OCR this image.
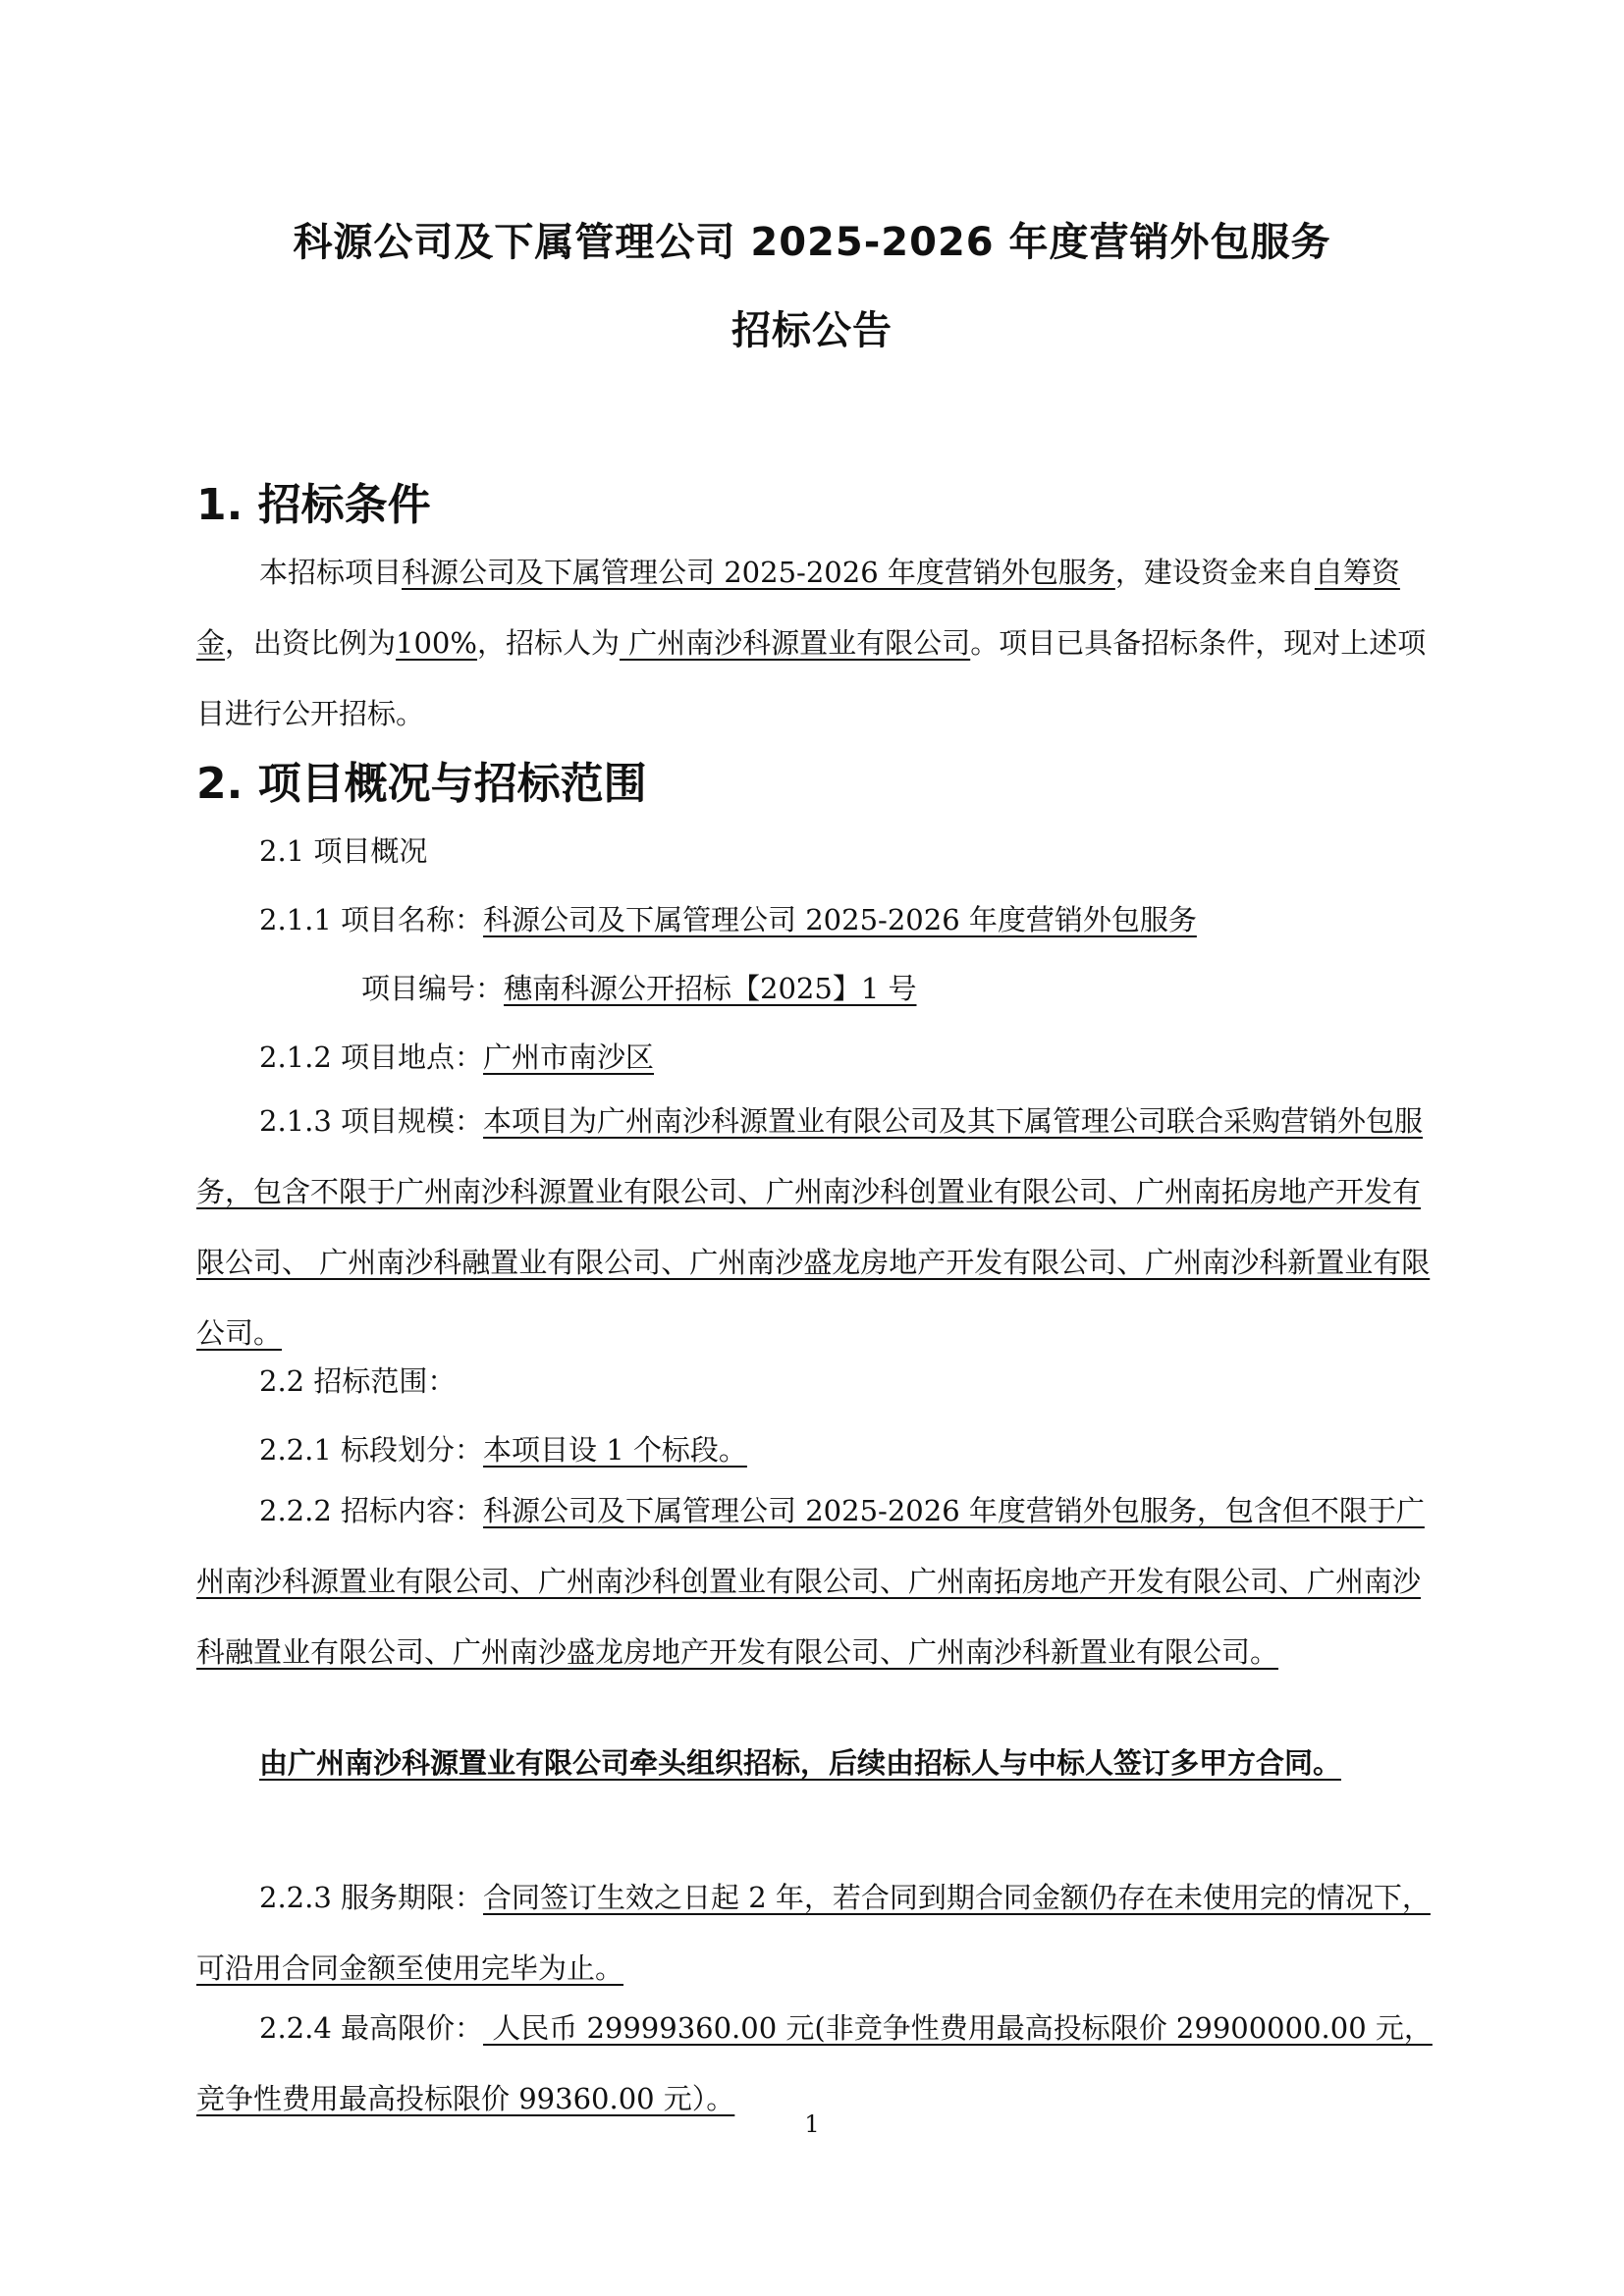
科源公司及下属管理公司 2025-2026 年度营销外包服务
招标公告
1. 招标条件
本招标项目科源公司及下属管理公司 2025-2026 年度营销外包服务，建设资金来自自筹资金，出资比例为100%，招标人为 广州南沙科源置业有限公司。项目已具备招标条件，现对上述项目进行公开招标。
2. 项目概况与招标范围
2.1 项目概况
2.1.1 项目名称：科源公司及下属管理公司 2025-2026 年度营销外包服务
项目编号：穗南科源公开招标【2025】1 号
2.1.2 项目地点：广州市南沙区
2.1.3 项目规模：本项目为广州南沙科源置业有限公司及其下属管理公司联合采购营销外包服务，包含不限于广州南沙科源置业有限公司、广州南沙科创置业有限公司、广州南拓房地产开发有限公司、 广州南沙科融置业有限公司、广州南沙盛龙房地产开发有限公司、广州南沙科新置业有限公司。
2.2 招标范围：
2.2.1 标段划分：本项目设 1 个标段。
2.2.2 招标内容：科源公司及下属管理公司 2025-2026 年度营销外包服务，包含但不限于广州南沙科源置业有限公司、广州南沙科创置业有限公司、广州南拓房地产开发有限公司、广州南沙科融置业有限公司、广州南沙盛龙房地产开发有限公司、广州南沙科新置业有限公司。
由广州南沙科源置业有限公司牵头组织招标，后续由招标人与中标人签订多甲方合同。
2.2.3 服务期限：合同签订生效之日起 2 年，若合同到期合同金额仍存在未使用完的情况下，可沿用合同金额至使用完毕为止。
2.2.4 最高限价： 人民币 29999360.00 元(非竞争性费用最高投标限价 29900000.00 元，竞争性费用最高投标限价 99360.00 元）。
1
